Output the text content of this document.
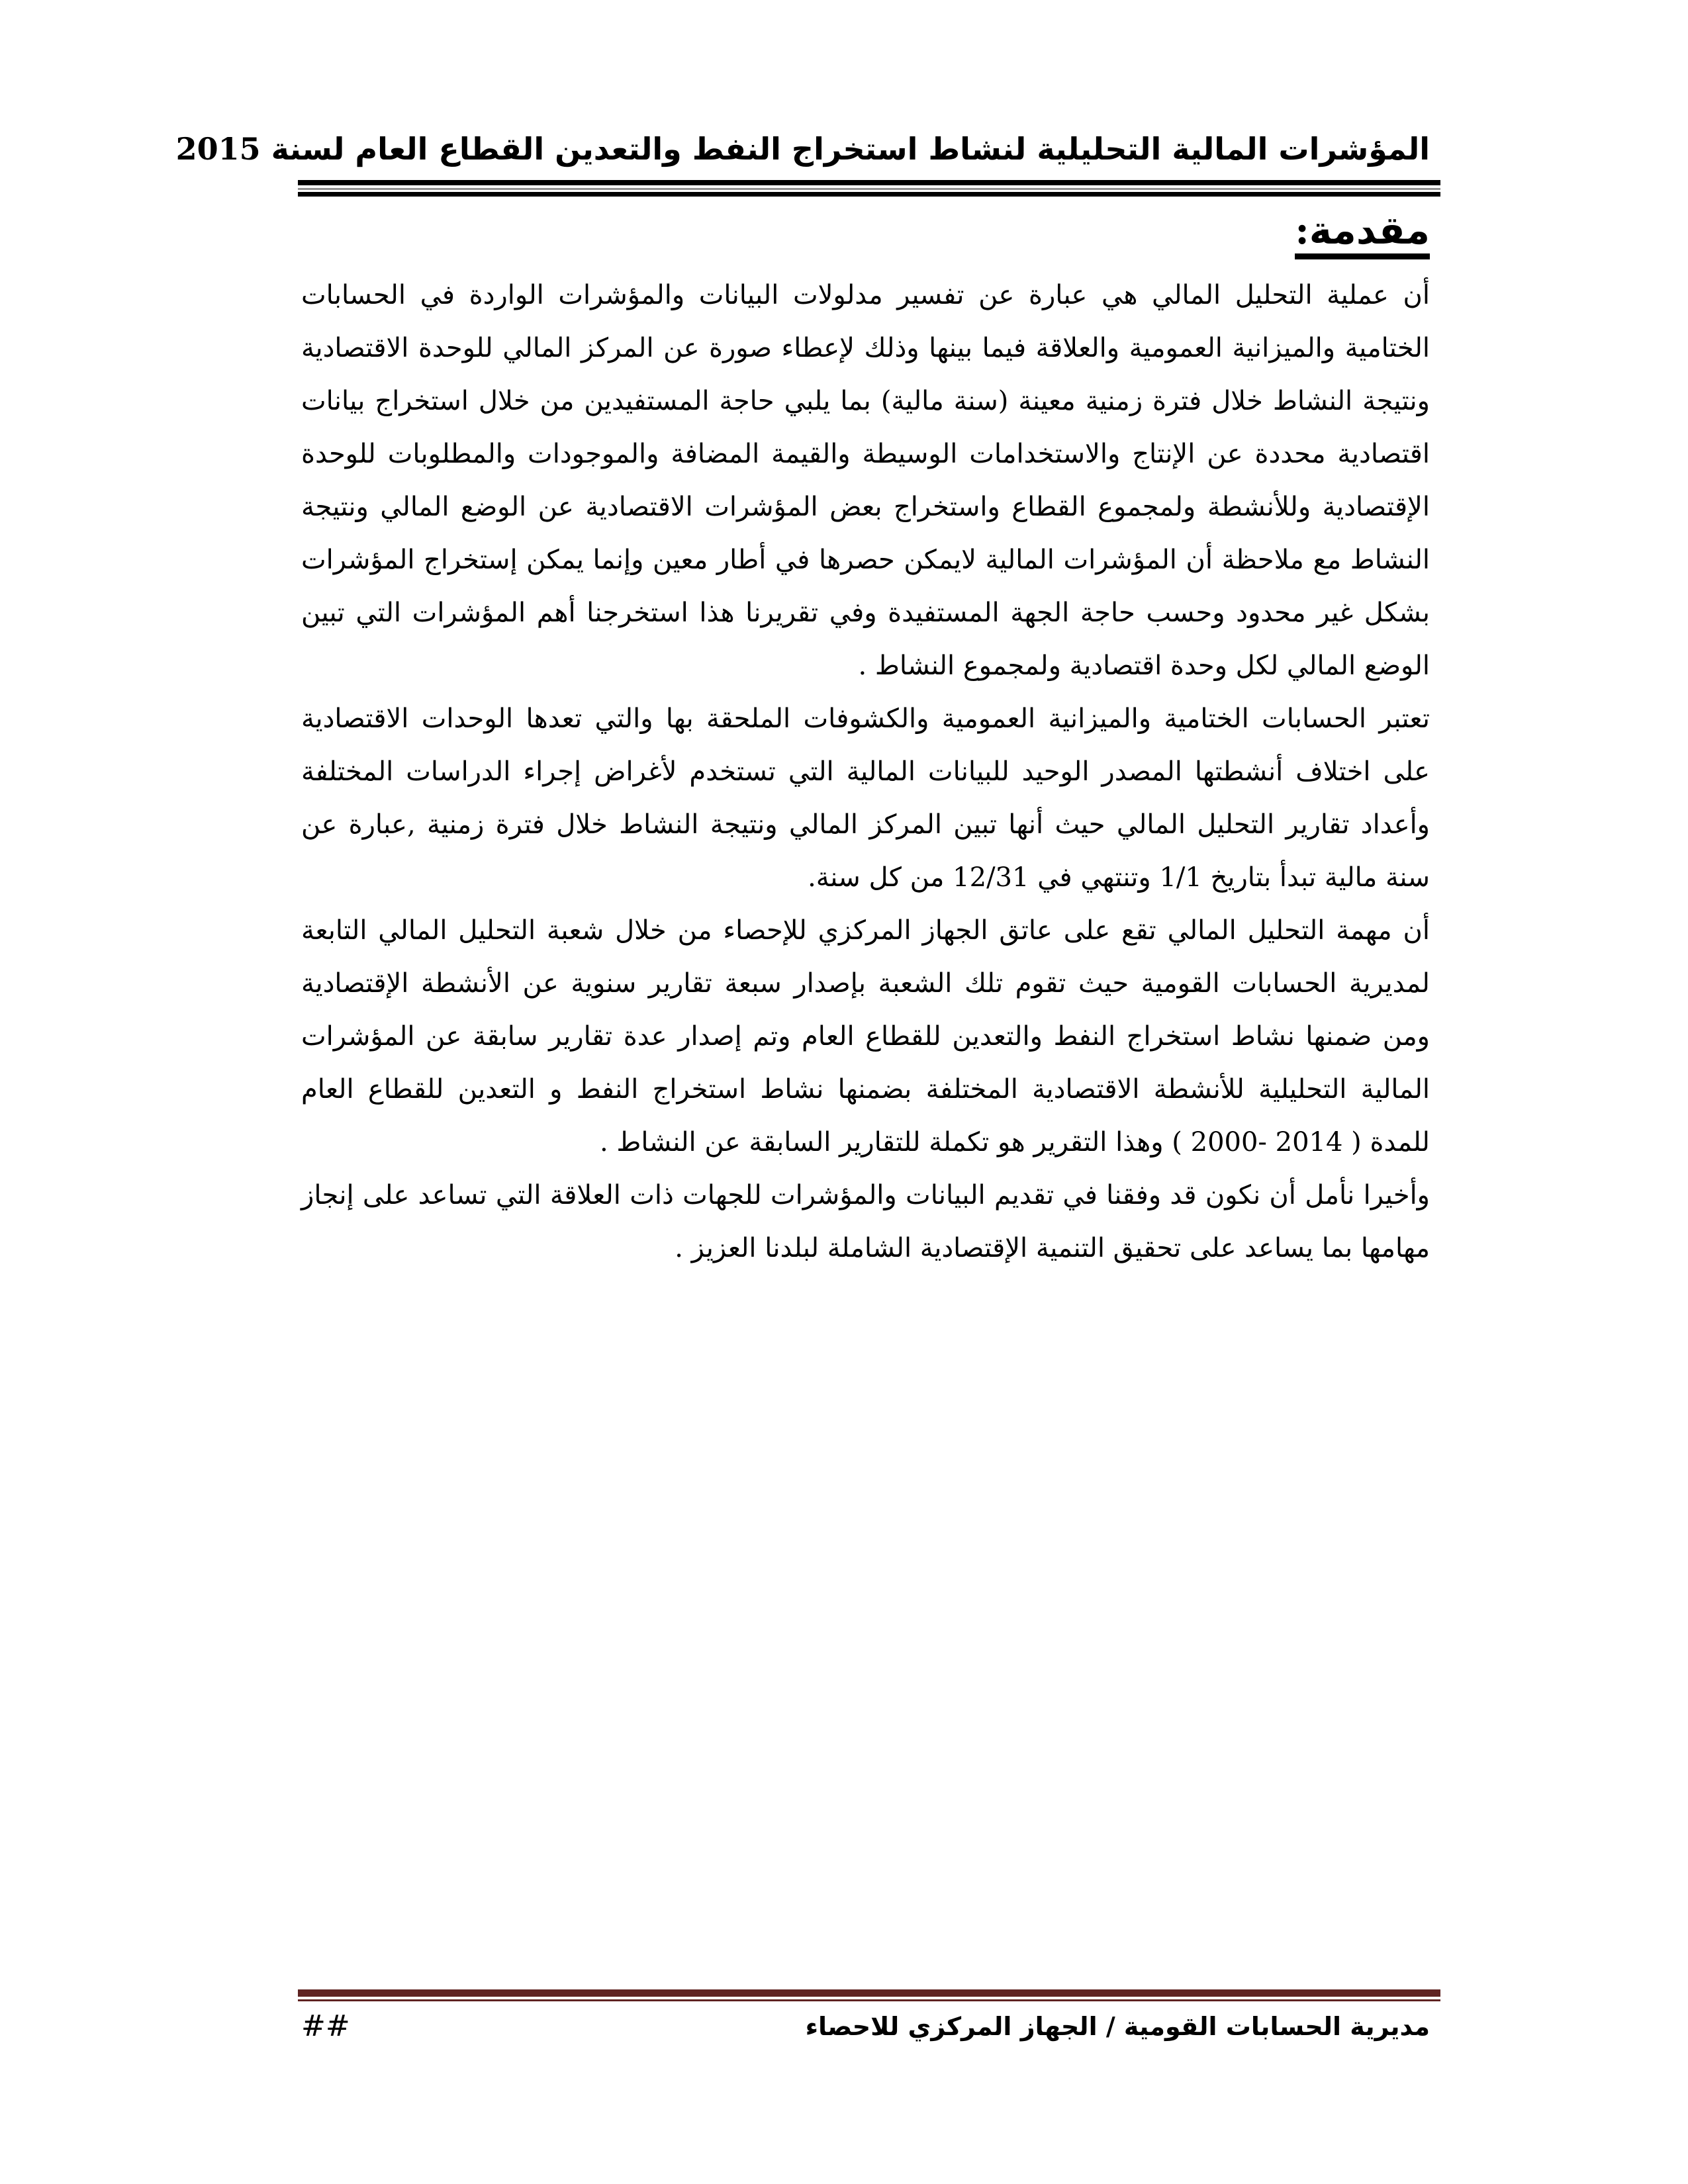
المؤشرات المالية التحليلية لنشاط استخراج النفط والتعدين القطاع العام لسنة 2015
مقدمة:

أن عملية التحليل المالي هي عبارة عن تفسير مدلولات البيانات والمؤشرات الواردة في الحسابات الختامية والميزانية العمومية والعلاقة فيما بينها وذلك لإعطاء صورة عن المركز المالي للوحدة الاقتصادية ونتيجة النشاط خلال فترة زمنية معينة (سنة مالية) بما يلبي حاجة المستفيدين من خلال استخراج بيانات اقتصادية محددة عن الإنتاج والاستخدامات الوسيطة والقيمة المضافة والموجودات والمطلوبات للوحدة الإقتصادية وللأنشطة ولمجموع القطاع واستخراج بعض المؤشرات الاقتصادية عن الوضع المالي ونتيجة النشاط مع ملاحظة أن المؤشرات المالية لايمكن حصرها في أطار معين وإنما يمكن إستخراج المؤشرات بشكل غير محدود وحسب حاجة الجهة المستفيدة وفي تقريرنا هذا استخرجنا أهم المؤشرات التي تبين الوضع المالي لكل وحدة اقتصادية ولمجموع النشاط .

تعتبر الحسابات الختامية والميزانية العمومية والكشوفات الملحقة بها والتي تعدها الوحدات الاقتصادية على اختلاف أنشطتها المصدر الوحيد للبيانات المالية التي تستخدم لأغراض إجراء الدراسات المختلفة وأعداد تقارير التحليل المالي حيث أنها تبين المركز المالي ونتيجة النشاط خلال فترة زمنية ,عبارة عن سنة مالية تبدأ بتاريخ 1/1 وتنتهي في 12/31 من كل سنة.

أن مهمة التحليل المالي تقع على عاتق الجهاز المركزي للإحصاء من خلال شعبة التحليل المالي التابعة لمديرية الحسابات القومية حيث تقوم تلك الشعبة بإصدار سبعة تقارير سنوية عن الأنشطة الإقتصادية ومن ضمنها نشاط استخراج النفط والتعدين للقطاع العام وتم إصدار عدة تقارير سابقة عن المؤشرات المالية التحليلية للأنشطة الاقتصادية المختلفة بضمنها نشاط استخراج النفط و التعدين للقطاع العام للمدة ( ⁦2000- 2014⁩ ) وهذا التقرير هو تكملة للتقارير السابقة عن النشاط .

وأخيرا نأمل أن نكون قد وفقنا في تقديم البيانات والمؤشرات للجهات ذات العلاقة التي تساعد على إنجاز مهامها بما يساعد على تحقيق التنمية الإقتصادية الشاملة لبلدنا العزيز .

مديرية الحسابات القومية / الجهاز المركزي للاحصاء
##
